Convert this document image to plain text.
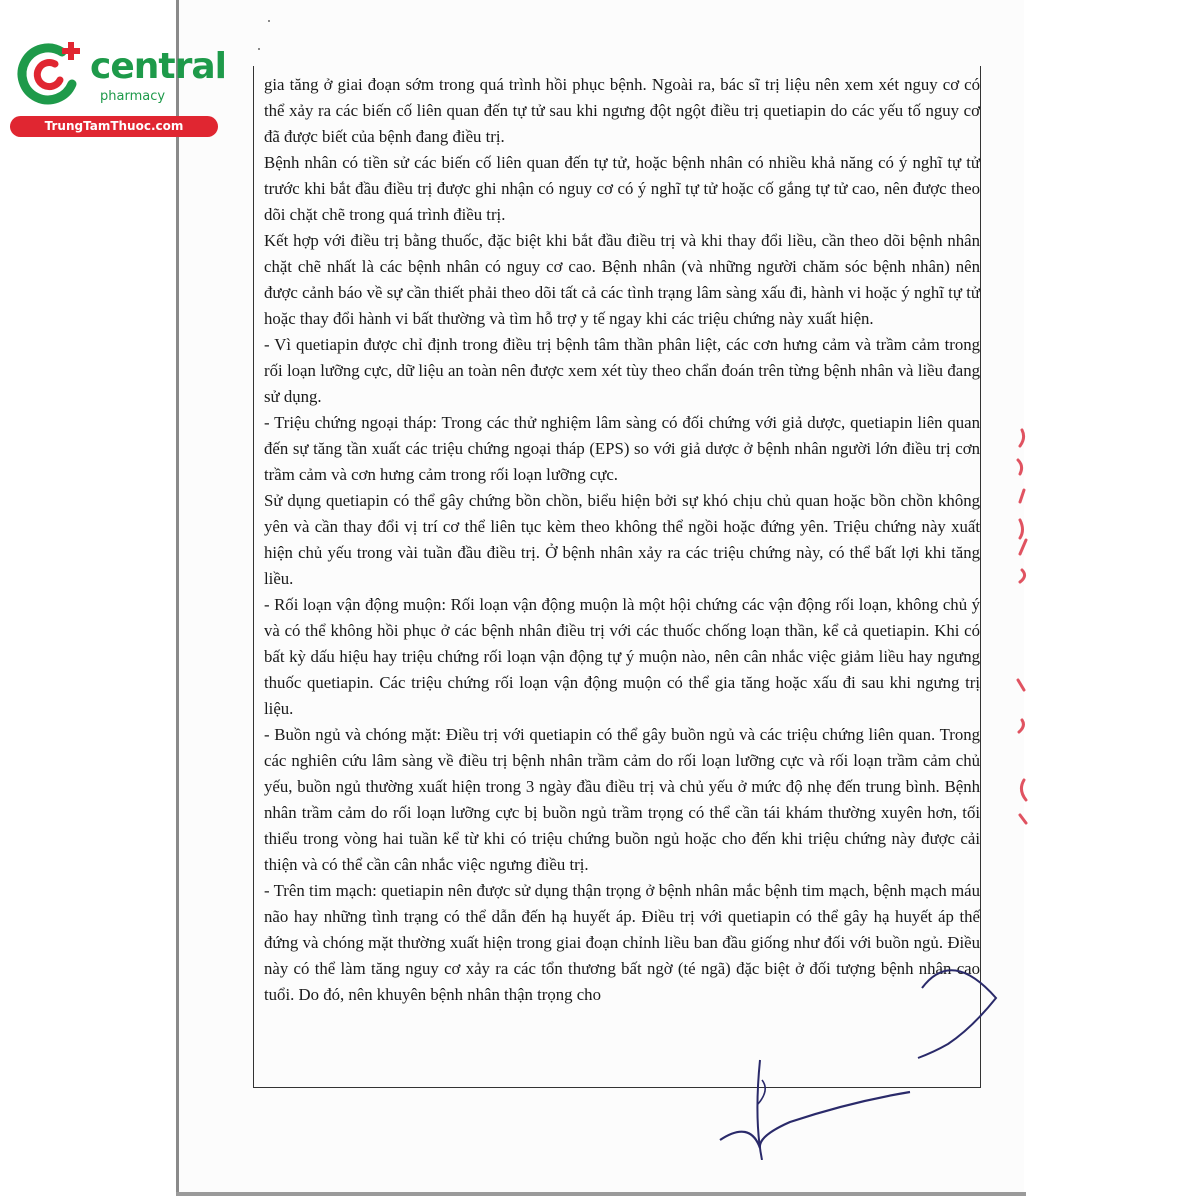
central
pharmacy
TrungTamThuoc.com

gia tăng ở giai đoạn sớm trong quá trình hồi phục bệnh. Ngoài ra, bác sĩ trị liệu nên xem xét nguy cơ có thể xảy ra các biến cố liên quan đến tự tử sau khi ngưng đột ngột điều trị quetiapin do các yếu tố nguy cơ đã được biết của bệnh đang điều trị.

Bệnh nhân có tiền sử các biến cố liên quan đến tự tử, hoặc bệnh nhân có nhiều khả năng có ý nghĩ tự tử trước khi bắt đầu điều trị được ghi nhận có nguy cơ có ý nghĩ tự tử hoặc cố gắng tự tử cao, nên được theo dõi chặt chẽ trong quá trình điều trị.

Kết hợp với điều trị bằng thuốc, đặc biệt khi bắt đầu điều trị và khi thay đổi liều, cần theo dõi bệnh nhân chặt chẽ nhất là các bệnh nhân có nguy cơ cao. Bệnh nhân (và những người chăm sóc bệnh nhân) nên được cảnh báo về sự cần thiết phải theo dõi tất cả các tình trạng lâm sàng xấu đi, hành vi hoặc ý nghĩ tự tử hoặc thay đổi hành vi bất thường và tìm hỗ trợ y tế ngay khi các triệu chứng này xuất hiện.

- Vì quetiapin được chỉ định trong điều trị bệnh tâm thần phân liệt, các cơn hưng cảm và trầm cảm trong rối loạn lưỡng cực, dữ liệu an toàn nên được xem xét tùy theo chẩn đoán trên từng bệnh nhân và liều đang sử dụng.

- Triệu chứng ngoại tháp: Trong các thử nghiệm lâm sàng có đối chứng với giả dược, quetiapin liên quan đến sự tăng tần xuất các triệu chứng ngoại tháp (EPS) so với giả dược ở bệnh nhân người lớn điều trị cơn trầm cảm và cơn hưng cảm trong rối loạn lưỡng cực.

Sử dụng quetiapin có thể gây chứng bồn chồn, biểu hiện bởi sự khó chịu chủ quan hoặc bồn chồn không yên và cần thay đổi vị trí cơ thể liên tục kèm theo không thể ngồi hoặc đứng yên. Triệu chứng này xuất hiện chủ yếu trong vài tuần đầu điều trị. Ở bệnh nhân xảy ra các triệu chứng này, có thể bất lợi khi tăng liều.

- Rối loạn vận động muộn: Rối loạn vận động muộn là một hội chứng các vận động rối loạn, không chủ ý và có thể không hồi phục ở các bệnh nhân điều trị với các thuốc chống loạn thần, kể cả quetiapin. Khi có bất kỳ dấu hiệu hay triệu chứng rối loạn vận động tự ý muộn nào, nên cân nhắc việc giảm liều hay ngưng thuốc quetiapin. Các triệu chứng rối loạn vận động muộn có thể gia tăng hoặc xấu đi sau khi ngưng trị liệu.

- Buồn ngủ và chóng mặt: Điều trị với quetiapin có thể gây buồn ngủ và các triệu chứng liên quan. Trong các nghiên cứu lâm sàng về điều trị bệnh nhân trầm cảm do rối loạn lưỡng cực và rối loạn trầm cảm chủ yếu, buồn ngủ thường xuất hiện trong 3 ngày đầu điều trị và chủ yếu ở mức độ nhẹ đến trung bình. Bệnh nhân trầm cảm do rối loạn lưỡng cực bị buồn ngủ trầm trọng có thể cần tái khám thường xuyên hơn, tối thiểu trong vòng hai tuần kể từ khi có triệu chứng buồn ngủ hoặc cho đến khi triệu chứng này được cải thiện và có thể cần cân nhắc việc ngưng điều trị.

- Trên tim mạch: quetiapin nên được sử dụng thận trọng ở bệnh nhân mắc bệnh tim mạch, bệnh mạch máu não hay những tình trạng có thể dẫn đến hạ huyết áp. Điều trị với quetiapin có thể gây hạ huyết áp thế đứng và chóng mặt thường xuất hiện trong giai đoạn chỉnh liều ban đầu giống như đối với buồn ngủ. Điều này có thể làm tăng nguy cơ xảy ra các tổn thương bất ngờ (té ngã) đặc biệt ở đối tượng bệnh nhân cao tuổi. Do đó, nên khuyên bệnh nhân thận trọng cho
